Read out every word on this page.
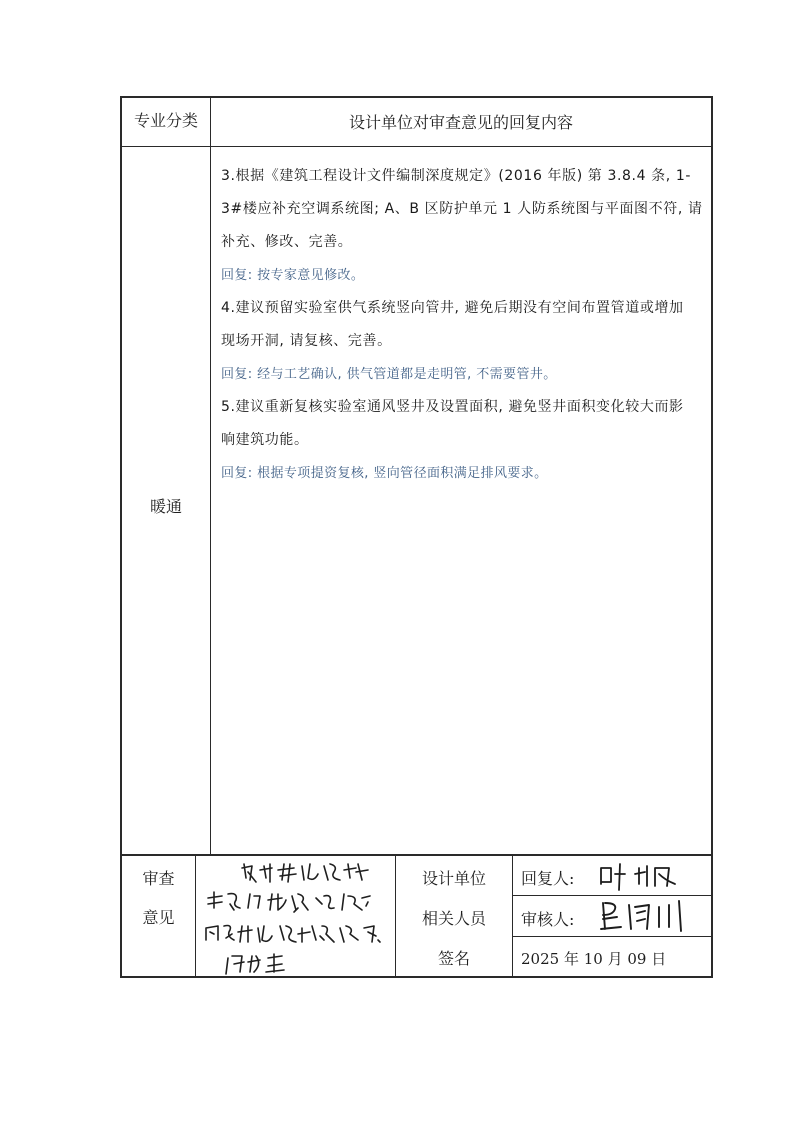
专业分类	设计单位对审查意见的回复内容
暖通
3.根据《建筑工程设计文件编制深度规定》(2016 年版) 第 3.8.4 条, 1-
3#楼应补充空调系统图; A、B 区防护单元 1 人防系统图与平面图不符, 请
补充、修改、完善。
回复: 按专家意见修改。
4.建议预留实验室供气系统竖向管井, 避免后期没有空间布置管道或增加
现场开洞, 请复核、完善。
回复: 经与工艺确认, 供气管道都是走明管, 不需要管井。
5.建议重新复核实验室通风竖井及设置面积, 避免竖井面积变化较大而影
响建筑功能。
回复: 根据专项提资复核, 竖向管径面积满足排风要求。
审查
意见
设计单位
相关人员
签名
回复人:
审核人:
2025 年 10 月 09 日
